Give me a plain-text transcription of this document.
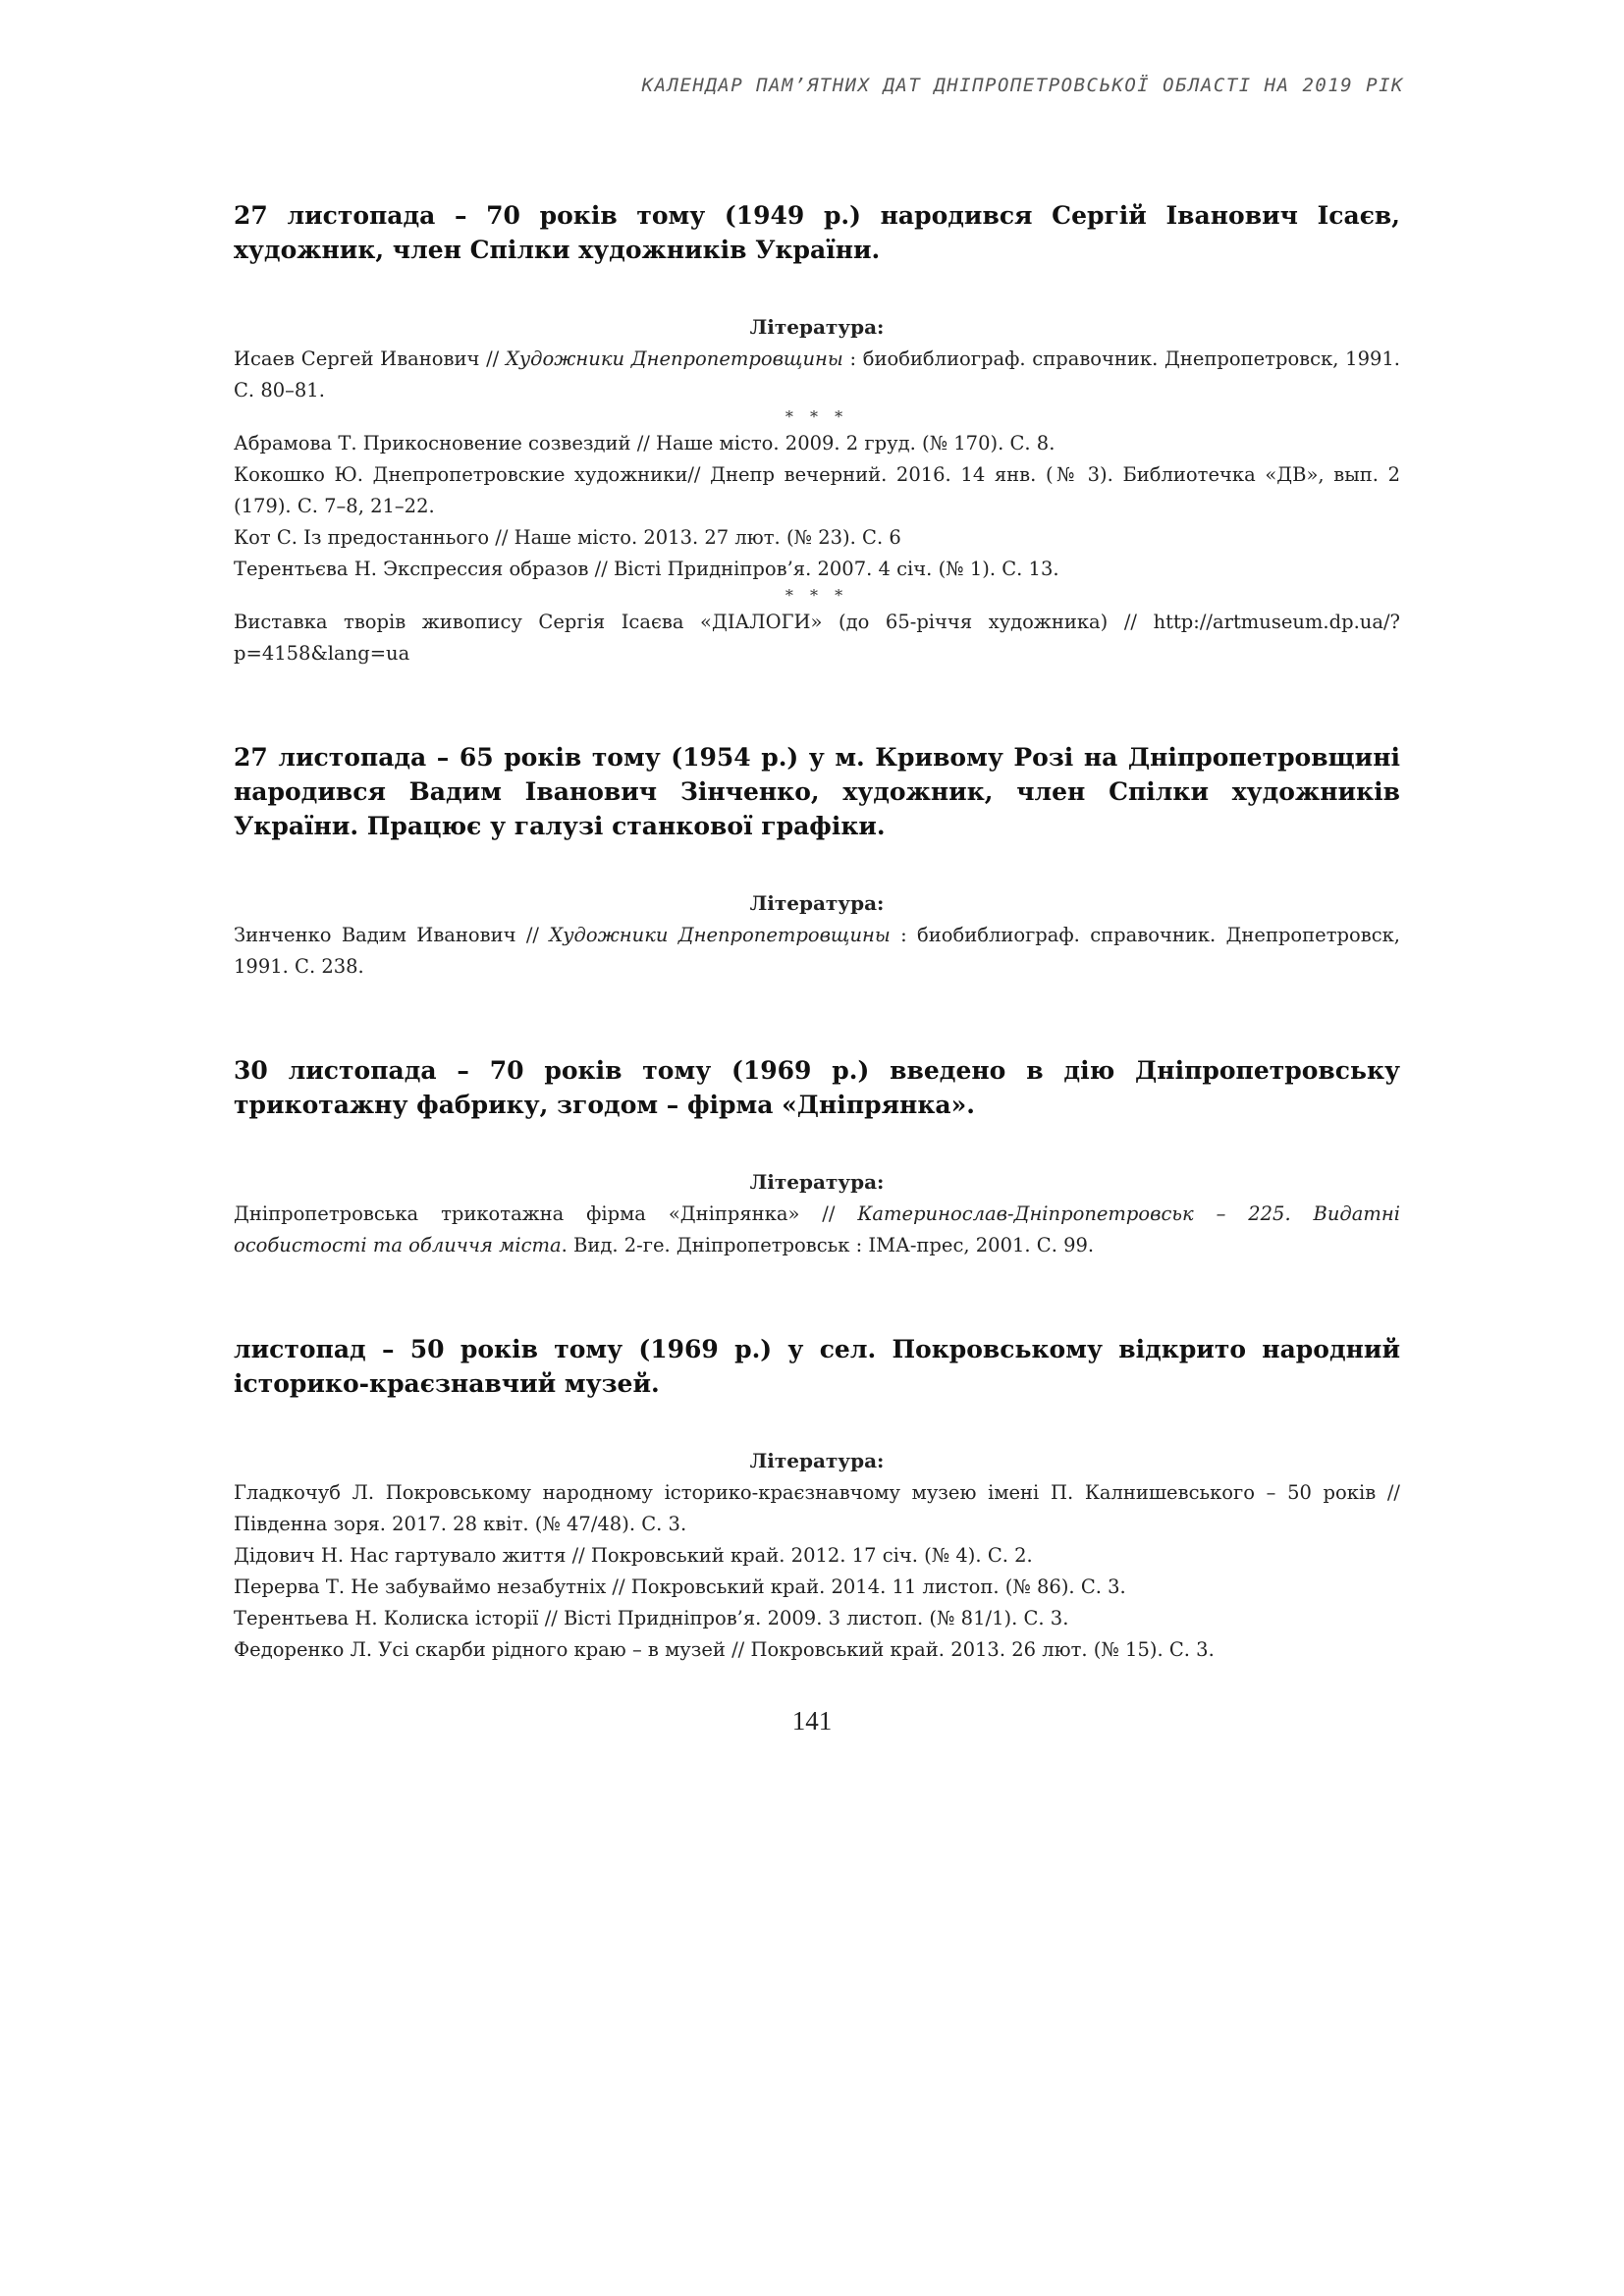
КАЛЕНДАР ПАМ’ЯТНИХ ДАТ ДНІПРОПЕТРОВСЬКОЇ ОБЛАСТІ НА 2019 РІК

27 листопада – 70 років тому (1949 р.) народився Сергій Іванович Ісаєв, художник, член Спілки художників України.

Література:

Исаев Сергей Иванович // Художники Днепропетровщины : биобиблиограф. справочник. Днепропетровск, 1991. С. 80–81.
* * *
Абрамова Т. Прикосновение созвездий // Наше місто. 2009. 2 груд. (№ 170). С. 8.
Кокошко Ю. Днепропетровские художники// Днепр вечерний. 2016. 14 янв. (№ 3). Библиотечка «ДВ», вып. 2 (179). С. 7–8, 21–22.
Кот С. Із предостаннього // Наше місто. 2013. 27 лют. (№ 23). С. 6
Терентьєва Н. Экспрессия образов // Вісті Придніпров’я. 2007. 4 січ. (№ 1). С. 13.
* * *
Виставка творів живопису Сергія Ісаєва «ДІАЛОГИ» (до 65-річчя художника) // http://artmuseum.dp.ua/?p=4158&lang=ua

27 листопада – 65 років тому (1954 р.) у м. Кривому Розі на Дніпропетровщині народився Вадим Іванович Зінченко, художник, член Спілки художників України. Працює у галузі станкової графіки.

Література:

Зинченко Вадим Иванович // Художники Днепропетровщины : биобиблиограф. справочник. Днепропетровск, 1991. С. 238.

30 листопада – 70 років тому (1969 р.) введено в дію Дніпропетровську трикотажну фабрику, згодом – фірма «Дніпрянка».

Література:

Дніпропетровська трикотажна фірма «Дніпрянка» // Катеринослав-Дніпропетровськ – 225. Видатні особистості та обличчя міста. Вид. 2-ге. Дніпропетровськ : ІМА-прес, 2001. С. 99.

листопад – 50 років тому (1969 р.) у сел. Покровському відкрито народний історико-краєзнавчий музей.

Література:

Гладкочуб Л. Покровському народному історико-краєзнавчому музею імені П. Калнишевського – 50 років // Південна зоря. 2017. 28 квіт. (№ 47/48). С. 3.
Дідович Н. Нас гартувало життя // Покровський край. 2012. 17 січ. (№ 4). С. 2.
Перерва Т. Не забуваймо незабутніх // Покровський край. 2014. 11 листоп. (№ 86). С. 3.
Терентьева Н. Колиска історії // Вісті Придніпров’я. 2009. 3 листоп. (№ 81/1). С. 3.
Федоренко Л. Усі скарби рідного краю – в музей // Покровський край. 2013. 26 лют. (№ 15). С. 3.
141
